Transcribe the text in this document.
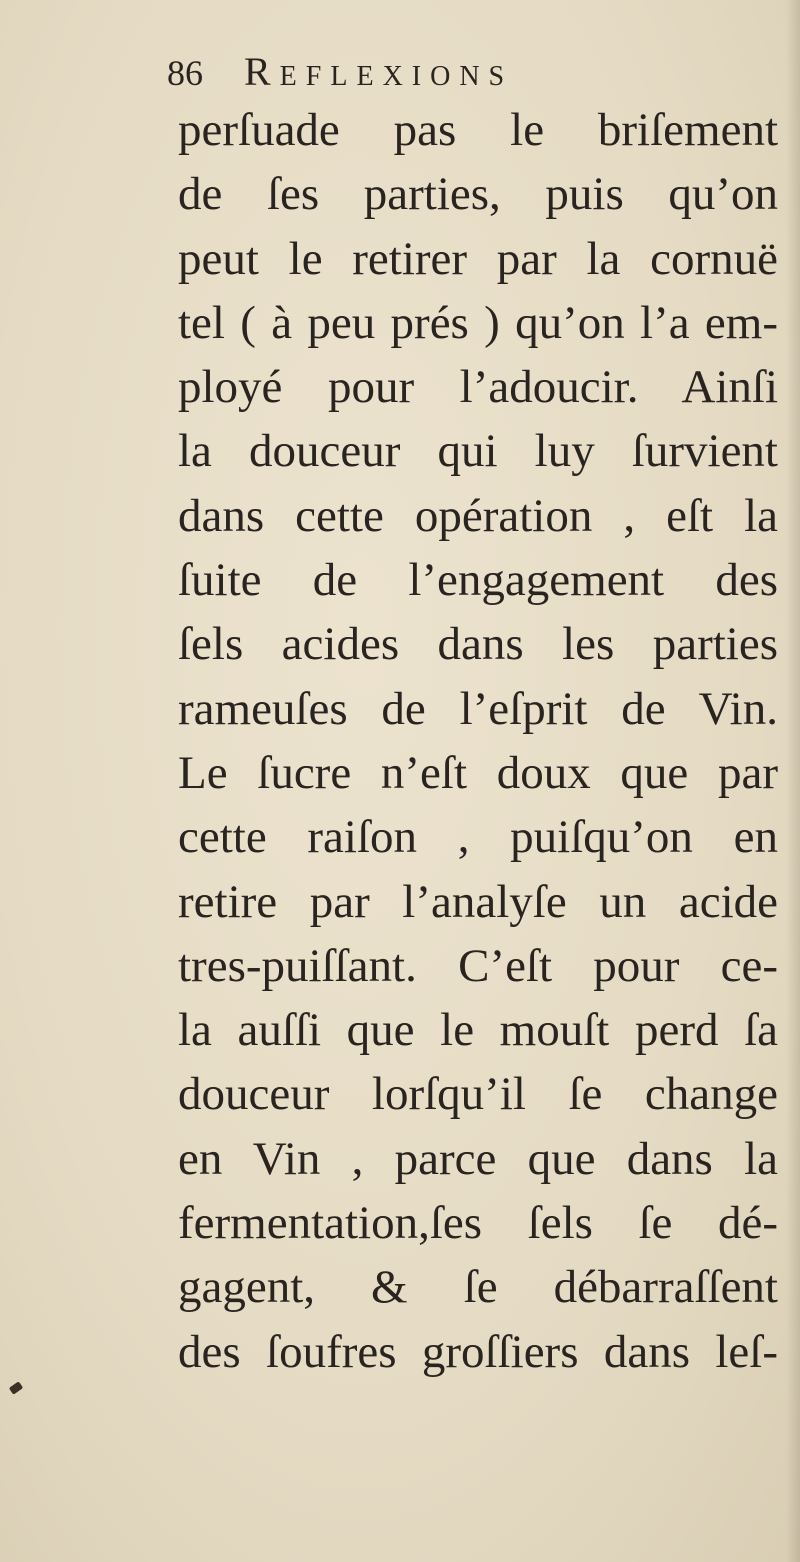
86 Reflexions
perſuade pas le briſement
de ſes parties, puis qu’on
peut le retirer par la cornuë
tel ( à peu prés ) qu’on l’a em-
ployé pour l’adoucir. Ainſi
la douceur qui luy ſurvient
dans cette opération , eſt la
ſuite de l’engagement des
ſels acides dans les parties
rameuſes de l’eſprit de Vin.
Le ſucre n’eſt doux que par
cette raiſon , puiſqu’on en
retire par l’analyſe un acide
tres-puiſſant. C’eſt pour ce-
la auſſi que le mouſt perd ſa
douceur lorſqu’il ſe change
en Vin , parce que dans la
fermentation,ſes ſels ſe dé-
gagent, & ſe débarraſſent
des ſoufres groſſiers dans leſ-
